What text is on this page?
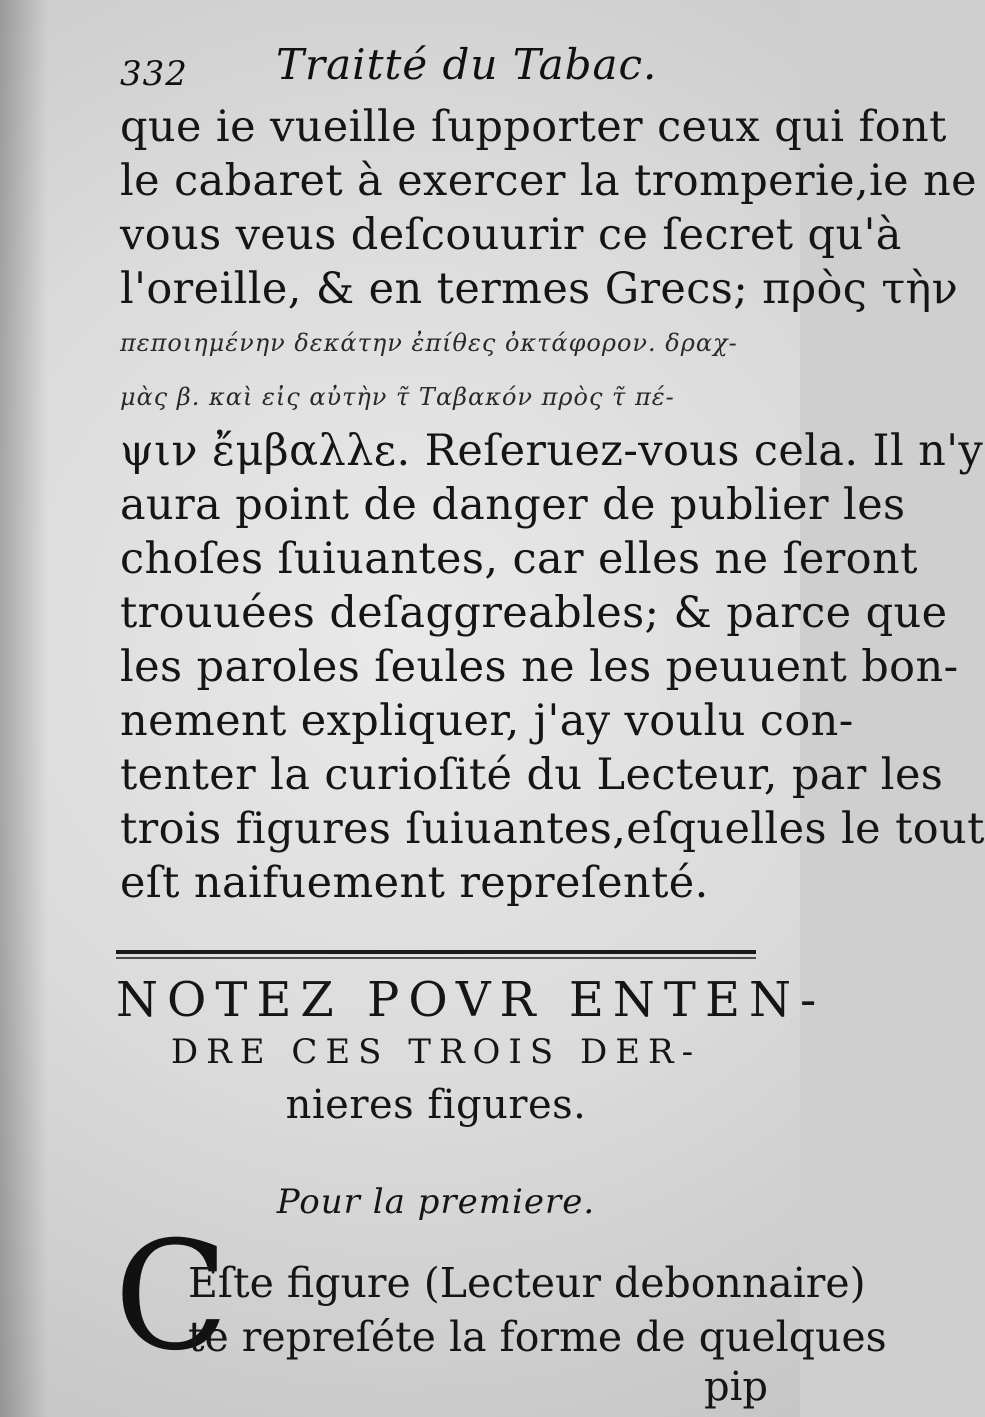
332 Traitté du Tabac.
que ie vueille ſupporter ceux qui font
le cabaret à exercer la tromperie,ie ne
vous veus deſcouurir ce ſecret qu'à
l'oreille, & en termes Grecs; πρὸς τὴν
πεποιημένην δεκάτην ἐπίθες ὀκτάφορον. δραχ-
μὰς β. καὶ εἰς αὐτὴν τ̃ Ταβακόν πρὸς τ̃ πέ-
ψιν ἔμβαλλε. Reſeruez-vous cela. Il n'y
aura point de danger de publier les
choſes ſuiuantes, car elles ne ſeront
trouuées deſaggreables; & parce que
les paroles ſeules ne les peuuent bon-
nement expliquer, j'ay voulu con-
tenter la curioſité du Lecteur, par les
trois figures ſuiuantes,eſquelles le tout
eſt naifuement repreſenté.
NOTEZ POVR ENTEN-
DRE CES TROIS DER-
nieres figures.
Pour la premiere.
C
Eſte figure (Lecteur debonnaire)
te repreſéte la forme de quelques
pip
